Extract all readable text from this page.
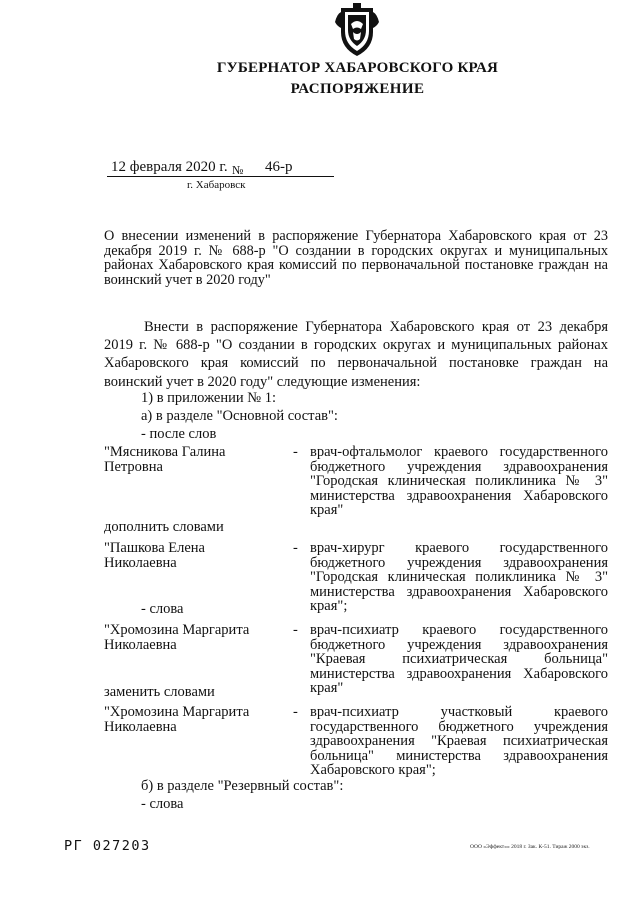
ГУБЕРНАТОР ХАБАРОВСКОГО КРАЯ
РАСПОРЯЖЕНИЕ
12 февраля 2020 г. № 46-р
г. Хабаровск
О внесении изменений в распоряжение Губернатора Хабаровского края от 23 декабря 2019 г. № 688-р "О создании в городских округах и муниципальных районах Хабаровского края комиссий по первоначальной постановке граждан на воинский учет в 2020 году"
Внести в распоряжение Губернатора Хабаровского края от 23 декабря 2019 г. № 688-р "О создании в городских округах и муниципальных районах Хабаровского края комиссий по первоначальной постановке граждан на воинский учет в 2020 году" следующие изменения:
1) в приложении № 1:
а) в разделе "Основной состав":
- после слов
"Мясникова Галина Петровна
- врач-офтальмолог краевого государственного бюджетного учреждения здравоохранения "Городская клиническая поликлиника № 3" министерства здравоохранения Хабаровского края"
дополнить словами
"Пашкова Елена Николаевна
- врач-хирург краевого государственного бюджетного учреждения здравоохранения "Городская клиническая поликлиника № 3" министерства здравоохранения Хабаровского края";
- слова
"Хромозина Маргарита Николаевна
- врач-психиатр краевого государственного бюджетного учреждения здравоохранения "Краевая психиатрическая больница" министерства здравоохранения Хабаровского края"
заменить словами
"Хромозина Маргарита Николаевна
- врач-психиатр участковый краевого государственного бюджетного учреждения здравоохранения "Краевая психиатрическая больница" министерства здравоохранения Хабаровского края";
б) в разделе "Резервный состав":
- слова
РГ 027203	ООО «Эффект»» 2018 г. Зак. К-51. Тираж 2000 экз.
